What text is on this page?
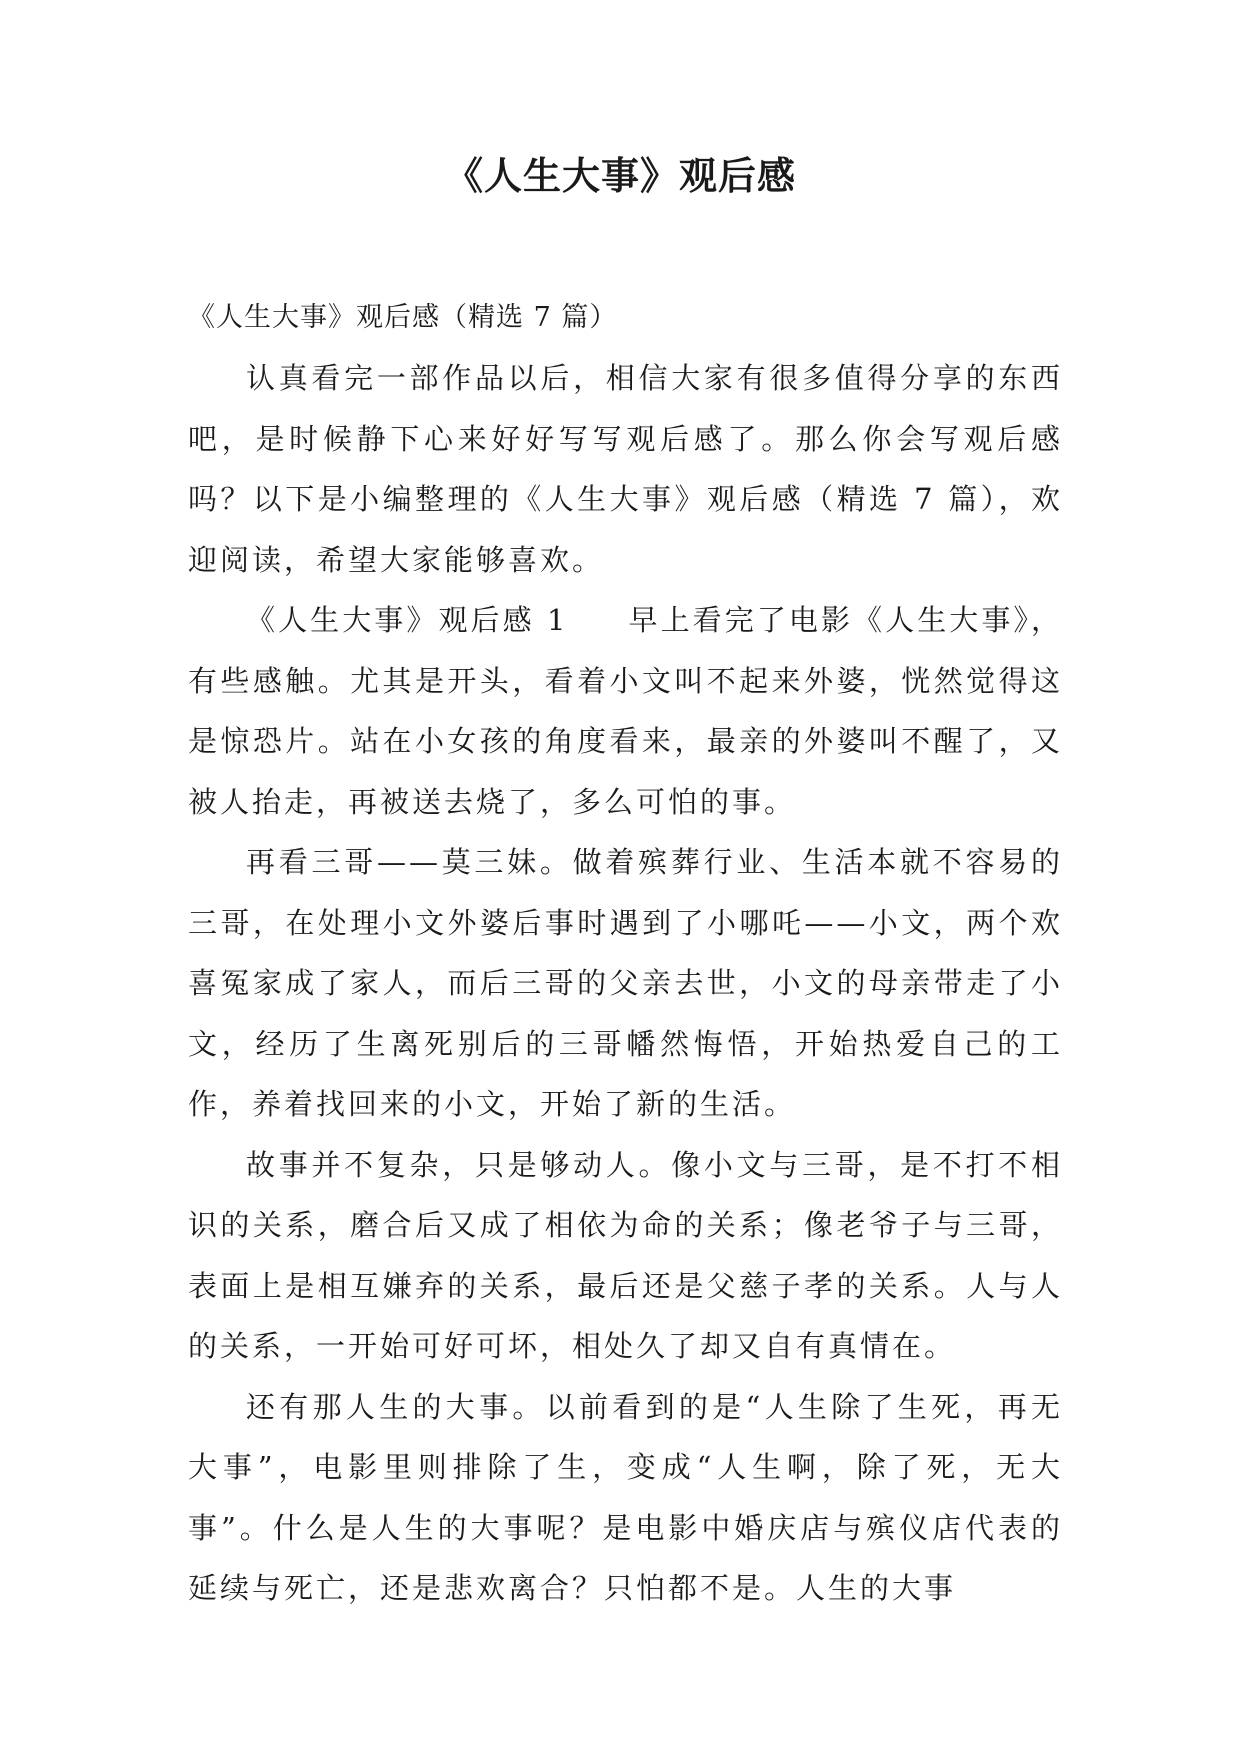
《人生大事》观后感

《人生大事》观后感（精选 7 篇）

认真看完一部作品以后，相信大家有很多值得分享的东西吧，是时候静下心来好好写写观后感了。那么你会写观后感吗？以下是小编整理的《人生大事》观后感（精选 7 篇），欢迎阅读，希望大家能够喜欢。

《人生大事》观后感 1 早上看完了电影《人生大事》，有些感触。尤其是开头，看着小文叫不起来外婆，恍然觉得这是惊恐片。站在小女孩的角度看来，最亲的外婆叫不醒了，又被人抬走，再被送去烧了，多么可怕的事。

再看三哥——莫三妹。做着殡葬行业、生活本就不容易的三哥，在处理小文外婆后事时遇到了小哪吒——小文，两个欢喜冤家成了家人，而后三哥的父亲去世，小文的母亲带走了小文，经历了生离死别后的三哥幡然悔悟，开始热爱自己的工作，养着找回来的小文，开始了新的生活。

故事并不复杂，只是够动人。像小文与三哥，是不打不相识的关系，磨合后又成了相依为命的关系；像老爷子与三哥，表面上是相互嫌弃的关系，最后还是父慈子孝的关系。人与人的关系，一开始可好可坏，相处久了却又自有真情在。

还有那人生的大事。以前看到的是“人生除了生死，再无大事”，电影里则排除了生，变成“人生啊，除了死，无大事”。什么是人生的大事呢？是电影中婚庆店与殡仪店代表的延续与死亡，还是悲欢离合？只怕都不是。人生的大事
